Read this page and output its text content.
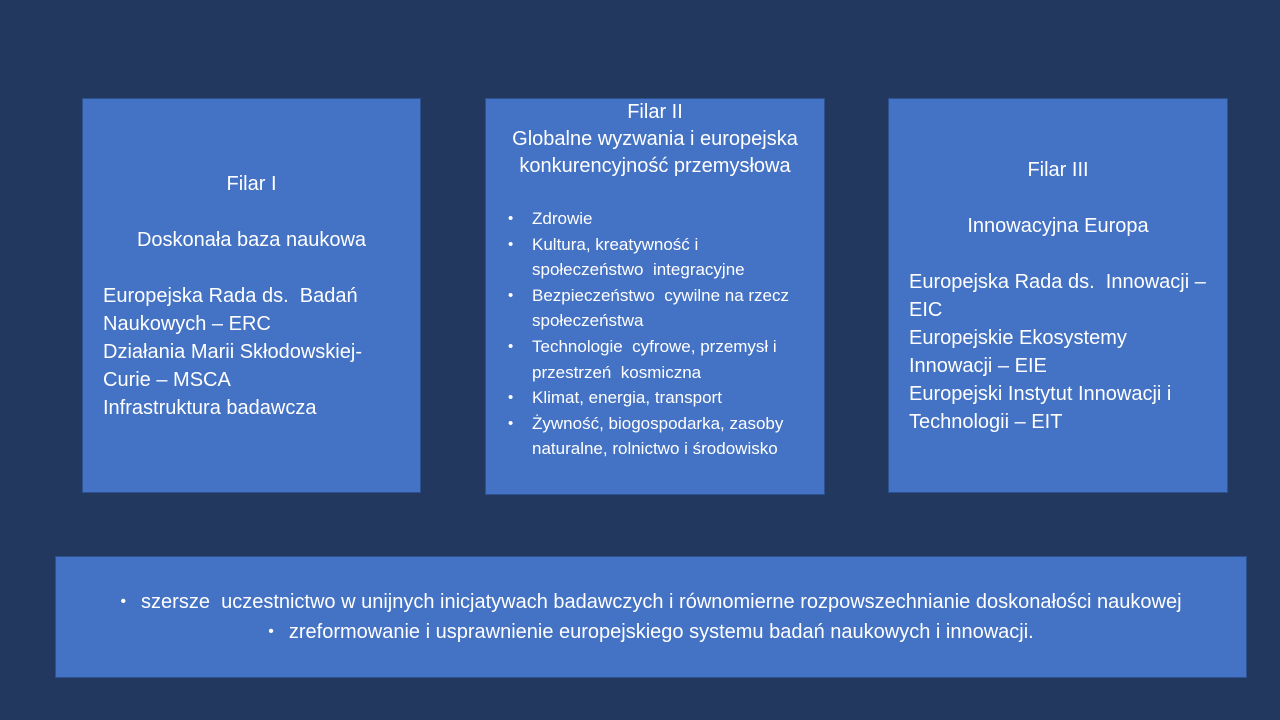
Filar I
Doskonała baza naukowa
Europejska Rada ds.  Badań Naukowych – ERC
Działania Marii Skłodowskiej-Curie – MSCA
Infrastruktura badawcza
Filar II
Globalne wyzwania i europejska konkurencyjność przemysłowa
• Zdrowie
• Kultura, kreatywność i społeczeństwo  integracyjne
• Bezpieczeństwo  cywilne na rzecz społeczeństwa
• Technologie  cyfrowe, przemysł i przestrzeń  kosmiczna
• Klimat, energia, transport
• Żywność, biogospodarka, zasoby naturalne, rolnictwo i środowisko
Filar III
Innowacyjna Europa
Europejska Rada ds.  Innowacji – EIC
Europejskie Ekosystemy Innowacji – EIE
Europejski Instytut Innowacji i Technologii – EIT
• szersze  uczestnictwo w unijnych inicjatywach badawczych i równomierne rozpowszechnianie doskonałości naukowej
• zreformowanie i usprawnienie europejskiego systemu badań naukowych i innowacji.
